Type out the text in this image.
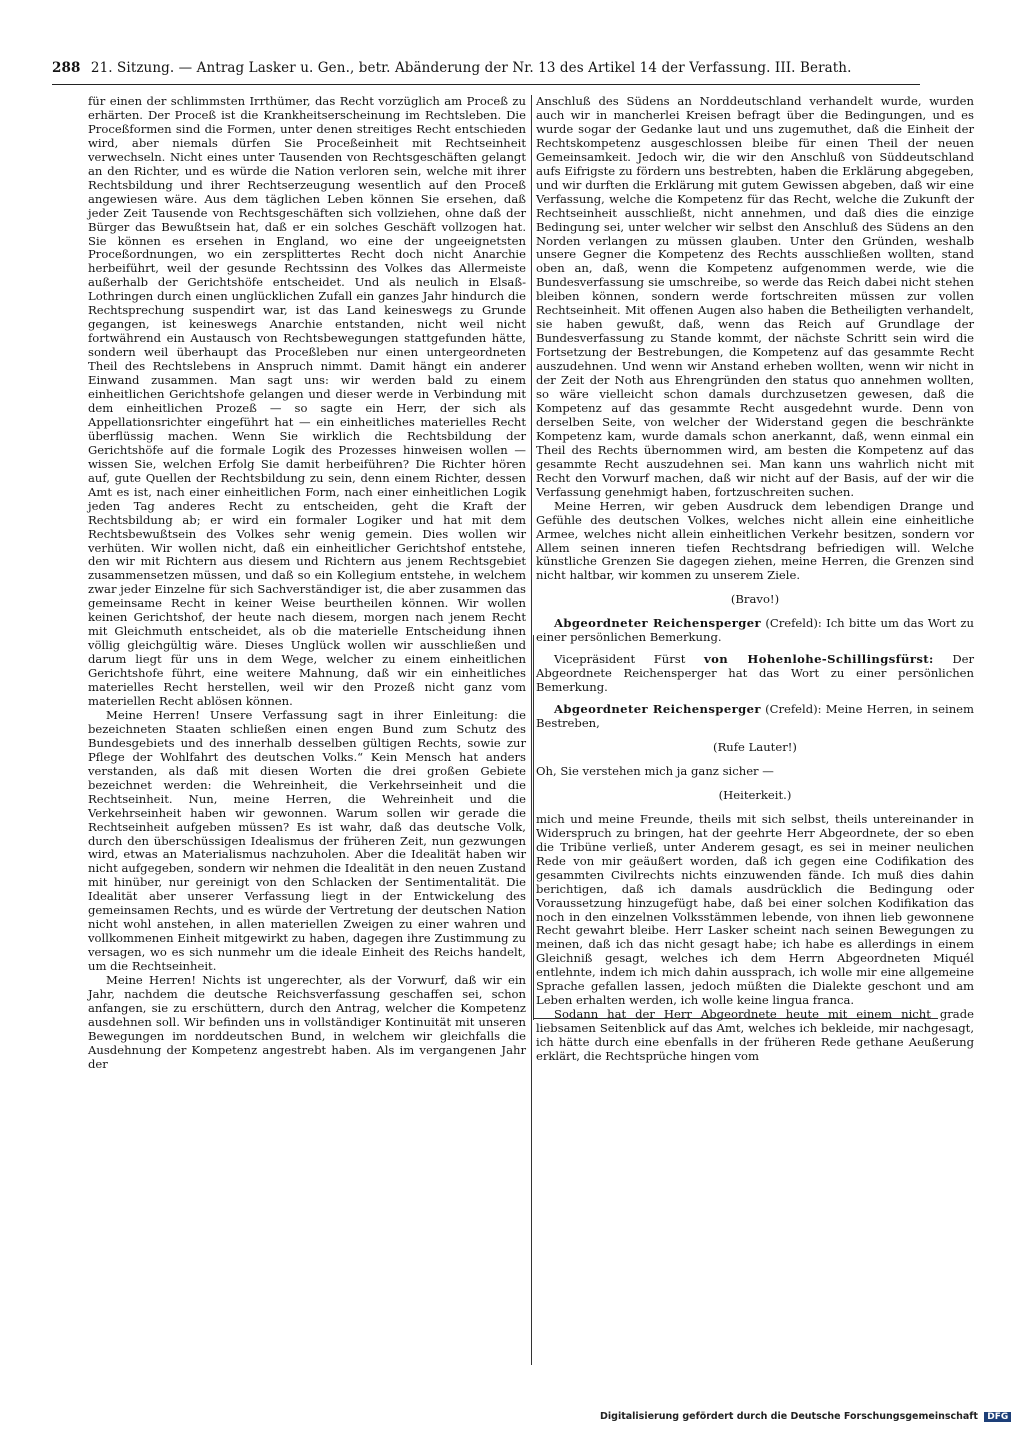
288 21. Sitzung. — Antrag Lasker u. Gen., betr. Abänderung der Nr. 13 des Artikel 14 der Verfassung. III. Berath.

für einen der schlimmsten Irrthümer, das Recht vorzüglich am Proceß zu erhärten. Der Proceß ist die Krankheitserscheinung im Rechtsleben. Die Proceßformen sind die Formen, unter denen streitiges Recht entschieden wird, aber niemals dürfen Sie Proceßeinheit mit Rechtseinheit verwechseln. Nicht eines unter Tausenden von Rechtsgeschäften gelangt an den Richter, und es würde die Nation verloren sein, welche mit ihrer Rechtsbildung und ihrer Rechtserzeugung wesentlich auf den Proceß angewiesen wäre. Aus dem täglichen Leben können Sie ersehen, daß jeder Zeit Tausende von Rechtsgeschäften sich vollziehen, ohne daß der Bürger das Bewußtsein hat, daß er ein solches Geschäft vollzogen hat. Sie können es ersehen in England, wo eine der ungeeignetsten Proceßordnungen, wo ein zersplittertes Recht doch nicht Anarchie herbeiführt, weil der gesunde Rechtssinn des Volkes das Allermeiste außerhalb der Gerichtshöfe entscheidet. Und als neulich in Elsaß-Lothringen durch einen unglücklichen Zufall ein ganzes Jahr hindurch die Rechtsprechung suspendirt war, ist das Land keineswegs zu Grunde gegangen, ist keineswegs Anarchie entstanden, nicht weil nicht fortwährend ein Austausch von Rechtsbewegungen stattgefunden hätte, sondern weil überhaupt das Proceßleben nur einen untergeordneten Theil des Rechtslebens in Anspruch nimmt. Damit hängt ein anderer Einwand zusammen. Man sagt uns: wir werden bald zu einem einheitlichen Gerichtshofe gelangen und dieser werde in Verbindung mit dem einheitlichen Prozeß — so sagte ein Herr, der sich als Appellationsrichter eingeführt hat — ein einheitliches materielles Recht überflüssig machen. Wenn Sie wirklich die Rechtsbildung der Gerichtshöfe auf die formale Logik des Prozesses hinweisen wollen — wissen Sie, welchen Erfolg Sie damit herbeiführen? Die Richter hören auf, gute Quellen der Rechtsbildung zu sein, denn einem Richter, dessen Amt es ist, nach einer einheitlichen Form, nach einer einheitlichen Logik jeden Tag anderes Recht zu entscheiden, geht die Kraft der Rechtsbildung ab; er wird ein formaler Logiker und hat mit dem Rechtsbewußtsein des Volkes sehr wenig gemein. Dies wollen wir verhüten. Wir wollen nicht, daß ein einheitlicher Gerichtshof entstehe, den wir mit Richtern aus diesem und Richtern aus jenem Rechtsgebiet zusammensetzen müssen, und daß so ein Kollegium entstehe, in welchem zwar jeder Einzelne für sich Sachverständiger ist, die aber zusammen das gemeinsame Recht in keiner Weise beurtheilen können. Wir wollen keinen Gerichtshof, der heute nach diesem, morgen nach jenem Recht mit Gleichmuth entscheidet, als ob die materielle Entscheidung ihnen völlig gleichgültig wäre. Dieses Unglück wollen wir ausschließen und darum liegt für uns in dem Wege, welcher zu einem einheitlichen Gerichtshofe führt, eine weitere Mahnung, daß wir ein einheitliches materielles Recht herstellen, weil wir den Prozeß nicht ganz vom materiellen Recht ablösen können.

Meine Herren! Unsere Verfassung sagt in ihrer Einleitung: die bezeichneten Staaten schließen einen engen Bund zum Schutz des Bundesgebiets und des innerhalb desselben gültigen Rechts, sowie zur Pflege der Wohlfahrt des deutschen Volks.“ Kein Mensch hat anders verstanden, als daß mit diesen Worten die drei großen Gebiete bezeichnet werden: die Wehreinheit, die Verkehrseinheit und die Rechtseinheit. Nun, meine Herren, die Wehreinheit und die Verkehrseinheit haben wir gewonnen. Warum sollen wir gerade die Rechtseinheit aufgeben müssen? Es ist wahr, daß das deutsche Volk, durch den überschüssigen Idealismus der früheren Zeit, nun gezwungen wird, etwas an Materialismus nachzuholen. Aber die Idealität haben wir nicht aufgegeben, sondern wir nehmen die Idealität in den neuen Zustand mit hinüber, nur gereinigt von den Schlacken der Sentimentalität. Die Idealität aber unserer Verfassung liegt in der Entwickelung des gemeinsamen Rechts, und es würde der Vertretung der deutschen Nation nicht wohl anstehen, in allen materiellen Zweigen zu einer wahren und vollkommenen Einheit mitgewirkt zu haben, dagegen ihre Zustimmung zu versagen, wo es sich nunmehr um die ideale Einheit des Reichs handelt, um die Rechtseinheit.

Meine Herren! Nichts ist ungerechter, als der Vorwurf, daß wir ein Jahr, nachdem die deutsche Reichsverfassung geschaffen sei, schon anfangen, sie zu erschüttern, durch den Antrag, welcher die Kompetenz ausdehnen soll. Wir befinden uns in vollständiger Kontinuität mit unseren Bewegungen im norddeutschen Bund, in welchem wir gleichfalls die Ausdehnung der Kompetenz angestrebt haben. Als im vergangenen Jahr der

Anschluß des Südens an Norddeutschland verhandelt wurde, wurden auch wir in mancherlei Kreisen befragt über die Bedingungen, und es wurde sogar der Gedanke laut und uns zugemuthet, daß die Einheit der Rechtskompetenz ausgeschlossen bleibe für einen Theil der neuen Gemeinsamkeit. Jedoch wir, die wir den Anschluß von Süddeutschland aufs Eifrigste zu fördern uns bestrebten, haben die Erklärung abgegeben, und wir durften die Erklärung mit gutem Gewissen abgeben, daß wir eine Verfassung, welche die Kompetenz für das Recht, welche die Zukunft der Rechtseinheit ausschließt, nicht annehmen, und daß dies die einzige Bedingung sei, unter welcher wir selbst den Anschluß des Südens an den Norden verlangen zu müssen glauben. Unter den Gründen, weshalb unsere Gegner die Kompetenz des Rechts ausschließen wollten, stand oben an, daß, wenn die Kompetenz aufgenommen werde, wie die Bundesverfassung sie umschreibe, so werde das Reich dabei nicht stehen bleiben können, sondern werde fortschreiten müssen zur vollen Rechtseinheit. Mit offenen Augen also haben die Betheiligten verhandelt, sie haben gewußt, daß, wenn das Reich auf Grundlage der Bundesverfassung zu Stande kommt, der nächste Schritt sein wird die Fortsetzung der Bestrebungen, die Kompetenz auf das gesammte Recht auszudehnen. Und wenn wir Anstand erheben wollten, wenn wir nicht in der Zeit der Noth aus Ehrengründen den status quo annehmen wollten, so wäre vielleicht schon damals durchzusetzen gewesen, daß die Kompetenz auf das gesammte Recht ausgedehnt wurde. Denn von derselben Seite, von welcher der Widerstand gegen die beschränkte Kompetenz kam, wurde damals schon anerkannt, daß, wenn einmal ein Theil des Rechts übernommen wird, am besten die Kompetenz auf das gesammte Recht auszudehnen sei. Man kann uns wahrlich nicht mit Recht den Vorwurf machen, daß wir nicht auf der Basis, auf der wir die Verfassung genehmigt haben, fortzuschreiten suchen.

Meine Herren, wir geben Ausdruck dem lebendigen Drange und Gefühle des deutschen Volkes, welches nicht allein eine einheitliche Armee, welches nicht allein einheitlichen Verkehr besitzen, sondern vor Allem seinen inneren tiefen Rechtsdrang befriedigen will. Welche künstliche Grenzen Sie dagegen ziehen, meine Herren, die Grenzen sind nicht haltbar, wir kommen zu unserem Ziele.

(Bravo!)

Abgeordneter Reichensperger (Crefeld): Ich bitte um das Wort zu einer persönlichen Bemerkung.

Vicepräsident Fürst von Hohenlohe-Schillingsfürst: Der Abgeordnete Reichensperger hat das Wort zu einer persönlichen Bemerkung.

Abgeordneter Reichensperger (Crefeld): Meine Herren, in seinem Bestreben,

(Rufe Lauter!)

Oh, Sie verstehen mich ja ganz sicher —

(Heiterkeit.)

mich und meine Freunde, theils mit sich selbst, theils untereinander in Widerspruch zu bringen, hat der geehrte Herr Abgeordnete, der so eben die Tribüne verließ, unter Anderem gesagt, es sei in meiner neulichen Rede von mir geäußert worden, daß ich gegen eine Codifikation des gesammten Civilrechts nichts einzuwenden fände. Ich muß dies dahin berichtigen, daß ich damals ausdrücklich die Bedingung oder Voraussetzung hinzugefügt habe, daß bei einer solchen Kodifikation das noch in den einzelnen Volksstämmen lebende, von ihnen lieb gewonnene Recht gewahrt bleibe. Herr Lasker scheint nach seinen Bewegungen zu meinen, daß ich das nicht gesagt habe; ich habe es allerdings in einem Gleichniß gesagt, welches ich dem Herrn Abgeordneten Miquél entlehnte, indem ich mich dahin aussprach, ich wolle mir eine allgemeine Sprache gefallen lassen, jedoch müßten die Dialekte geschont und am Leben erhalten werden, ich wolle keine lingua franca.

Sodann hat der Herr Abgeordnete heute mit einem nicht grade liebsamen Seitenblick auf das Amt, welches ich bekleide, mir nachgesagt, ich hätte durch eine ebenfalls in der früheren Rede gethane Aeußerung erklärt, die Rechtsprüche hingen vom

Digitalisierung gefördert durch die Deutsche Forschungsgemeinschaft DFG
